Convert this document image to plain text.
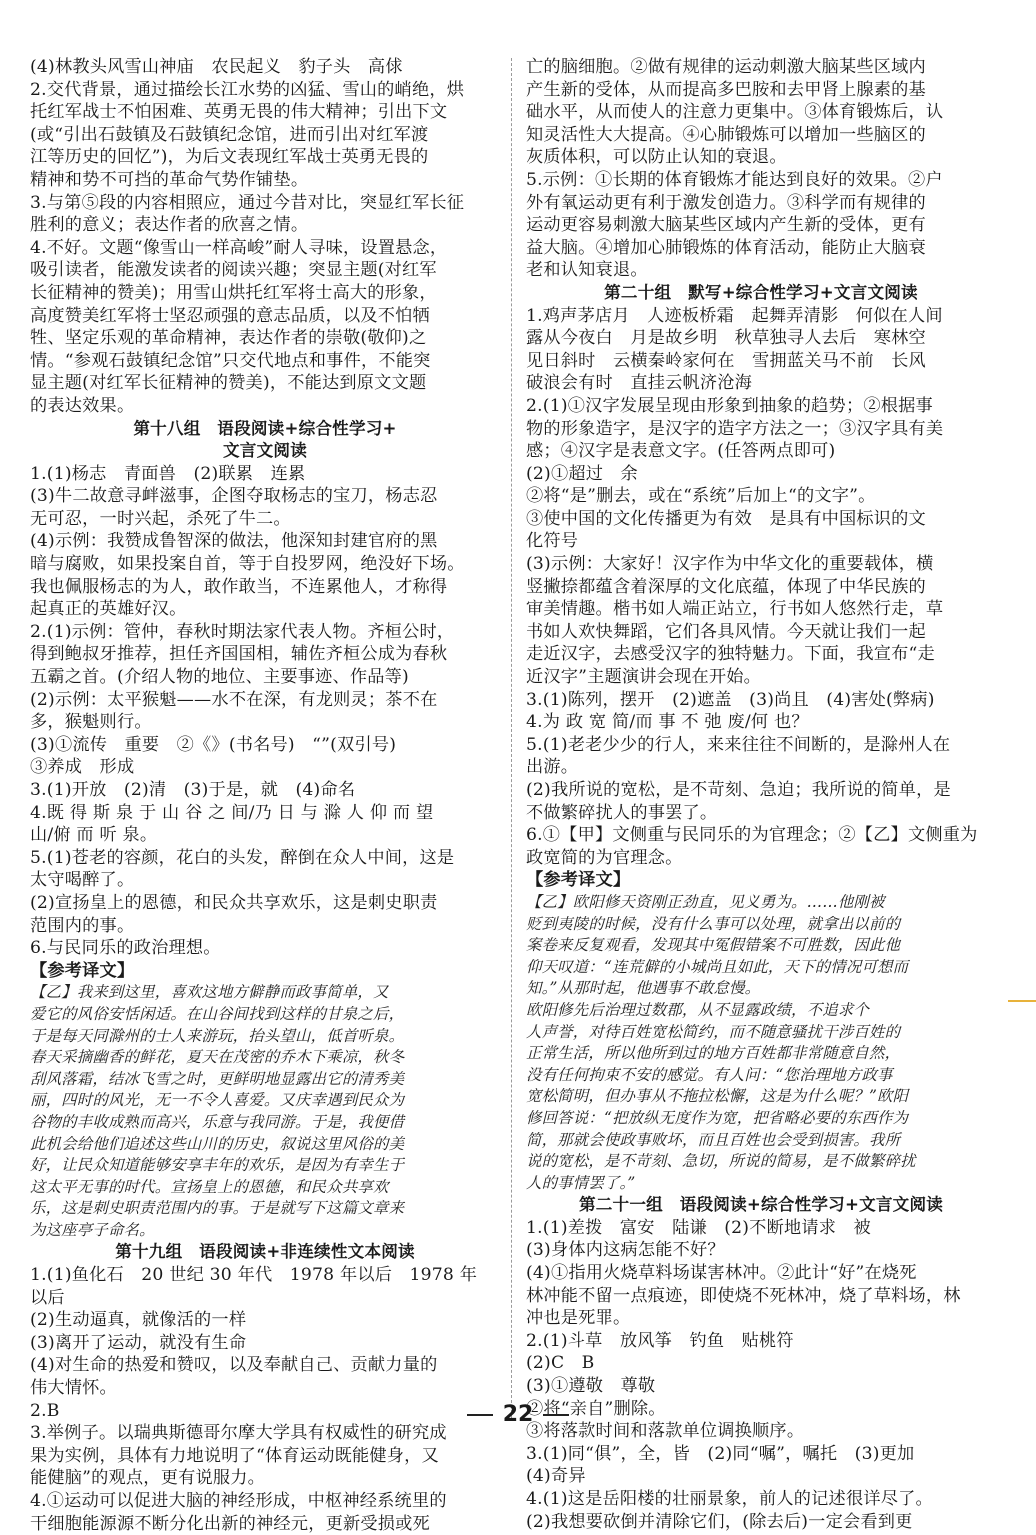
(4)林教头风雪山神庙　农民起义　豹子头　高俅
2.交代背景，通过描绘长江水势的凶猛、雪山的峭绝，烘
托红军战士不怕困难、英勇无畏的伟大精神；引出下文
(或“引出石鼓镇及石鼓镇纪念馆，进而引出对红军渡
江等历史的回忆”)，为后文表现红军战士英勇无畏的
精神和势不可挡的革命气势作铺垫。
3.与第⑤段的内容相照应，通过今昔对比，突显红军长征
胜利的意义；表达作者的欣喜之情。
4.不好。文题“像雪山一样高峻”耐人寻味，设置悬念，
吸引读者，能激发读者的阅读兴趣；突显主题(对红军
长征精神的赞美)；用雪山烘托红军将士高大的形象，
高度赞美红军将士坚忍顽强的意志品质，以及不怕牺
牲、坚定乐观的革命精神，表达作者的崇敬(敬仰)之
情。“参观石鼓镇纪念馆”只交代地点和事件，不能突
显主题(对红军长征精神的赞美)，不能达到原文文题
的表达效果。
第十八组　语段阅读+综合性学习+
文言文阅读
1.(1)杨志　青面兽　(2)联累　连累
(3)牛二故意寻衅滋事，企图夺取杨志的宝刀，杨志忍
无可忍，一时兴起，杀死了牛二。
(4)示例：我赞成鲁智深的做法，他深知封建官府的黑
暗与腐败，如果投案自首，等于自投罗网，绝没好下场。
我也佩服杨志的为人，敢作敢当，不连累他人，才称得
起真正的英雄好汉。
2.(1)示例：管仲，春秋时期法家代表人物。齐桓公时，
得到鲍叔牙推荐，担任齐国国相，辅佐齐桓公成为春秋
五霸之首。(介绍人物的地位、主要事迹、作品等)
(2)示例：太平猴魁——水不在深，有龙则灵；茶不在
多，猴魁则行。
(3)①流传　重要　②《》(书名号)　“”(双引号)
③养成　形成
3.(1)开放　(2)清　(3)于是，就　(4)命名
4.既 得 斯 泉 于 山 谷 之 间/乃 日 与 滁 人 仰 而 望
山/俯 而 听 泉。
5.(1)苍老的容颜，花白的头发，醉倒在众人中间，这是
太守喝醉了。
(2)宣扬皇上的恩德，和民众共享欢乐，这是刺史职责
范围内的事。
6.与民同乐的政治理想。
【参考译文】
【乙】我来到这里，喜欢这地方僻静而政事简单，又
爱它的风俗安恬闲适。在山谷间找到这样的甘泉之后，
于是每天同滁州的士人来游玩，抬头望山，低首听泉。
春天采摘幽香的鲜花，夏天在茂密的乔木下乘凉，秋冬
刮风落霜，结冰飞雪之时，更鲜明地显露出它的清秀美
丽，四时的风光，无一不令人喜爱。又庆幸遇到民众为
谷物的丰收成熟而高兴，乐意与我同游。于是，我便借
此机会给他们追述这些山川的历史，叙说这里风俗的美
好，让民众知道能够安享丰年的欢乐，是因为有幸生于
这太平无事的时代。宣扬皇上的恩德，和民众共享欢
乐，这是刺史职责范围内的事。于是就写下这篇文章来
为这座亭子命名。
第十九组　语段阅读+非连续性文本阅读
1.(1)鱼化石　20 世纪 30 年代　1978 年以后　1978 年
以后
(2)生动逼真，就像活的一样
(3)离开了运动，就没有生命
(4)对生命的热爱和赞叹，以及奉献自己、贡献力量的
伟大情怀。
2.B
3.举例子。以瑞典斯德哥尔摩大学具有权威性的研究成
果为实例，具体有力地说明了“体育运动既能健身，又
能健脑”的观点，更有说服力。
4.①运动可以促进大脑的神经形成，中枢神经系统里的
干细胞能源源不断分化出新的神经元，更新受损或死
亡的脑细胞。②做有规律的运动刺激大脑某些区域内
产生新的受体，从而提高多巴胺和去甲肾上腺素的基
础水平，从而使人的注意力更集中。③体育锻炼后，认
知灵活性大大提高。④心肺锻炼可以增加一些脑区的
灰质体积，可以防止认知的衰退。
5.示例：①长期的体育锻炼才能达到良好的效果。②户
外有氧运动更有利于激发创造力。③科学而有规律的
运动更容易刺激大脑某些区域内产生新的受体，更有
益大脑。④增加心肺锻炼的体育活动，能防止大脑衰
老和认知衰退。
第二十组　默写+综合性学习+文言文阅读
1.鸡声茅店月　人迹板桥霜　起舞弄清影　何似在人间
露从今夜白　月是故乡明　秋草独寻人去后　寒林空
见日斜时　云横秦岭家何在　雪拥蓝关马不前　长风
破浪会有时　直挂云帆济沧海
2.(1)①汉字发展呈现由形象到抽象的趋势；②根据事
物的形象造字，是汉字的造字方法之一；③汉字具有美
感；④汉字是表意文字。(任答两点即可)
(2)①超过　余
②将“是”删去，或在“系统”后加上“的文字”。
③使中国的文化传播更为有效　是具有中国标识的文
化符号
(3)示例：大家好！汉字作为中华文化的重要载体，横
竖撇捺都蕴含着深厚的文化底蕴，体现了中华民族的
审美情趣。楷书如人端正站立，行书如人悠然行走，草
书如人欢快舞蹈，它们各具风情。今天就让我们一起
走近汉字，去感受汉字的独特魅力。下面，我宣布“走
近汉字”主题演讲会现在开始。
3.(1)陈列，摆开　(2)遮盖　(3)尚且　(4)害处(弊病)
4.为 政 宽 简/而 事 不 弛 废/何 也？
5.(1)老老少少的行人，来来往往不间断的，是滁州人在
出游。
(2)我所说的宽松，是不苛刻、急迫；我所说的简单，是
不做繁碎扰人的事罢了。
6.①【甲】文侧重与民同乐的为官理念；②【乙】文侧重为
政宽简的为官理念。
【参考译文】
【乙】欧阳修天资刚正劲直，见义勇为。……他刚被
贬到夷陵的时候，没有什么事可以处理，就拿出以前的
案卷来反复观看，发现其中冤假错案不可胜数，因此他
仰天叹道：“连荒僻的小城尚且如此，天下的情况可想而
知。”从那时起，他遇事不敢怠慢。
欧阳修先后治理过数郡，从不显露政绩，不追求个
人声誉，对待百姓宽松简约，而不随意骚扰干涉百姓的
正常生活，所以他所到过的地方百姓都非常随意自然，
没有任何拘束不安的感觉。有人问：“您治理地方政事
宽松简明，但办事从不拖拉松懈，这是为什么呢？”欧阳
修回答说：“把放纵无度作为宽，把省略必要的东西作为
简，那就会使政事败坏，而且百姓也会受到损害。我所
说的宽松，是不苛刻、急切，所说的简易，是不做繁碎扰
人的事情罢了。”
第二十一组　语段阅读+综合性学习+文言文阅读
1.(1)差拨　富安　陆谦　(2)不断地请求　被
(3)身体内这病怎能不好？
(4)①指用火烧草料场谋害林冲。②此计“好”在烧死
林冲能不留一点痕迹，即使烧不死林冲，烧了草料场，林
冲也是死罪。
2.(1)斗草　放风筝　钓鱼　贴桃符
(2)C　B
(3)①遵敬　尊敬
②将“亲自”删除。
③将落款时间和落款单位调换顺序。
3.(1)同“俱”，全，皆　(2)同“嘱”，嘱托　(3)更加
(4)奇异
4.(1)这是岳阳楼的壮丽景象，前人的记述很详尽了。
(2)我想要砍倒并清除它们，(除去后)一定会看到更
22
